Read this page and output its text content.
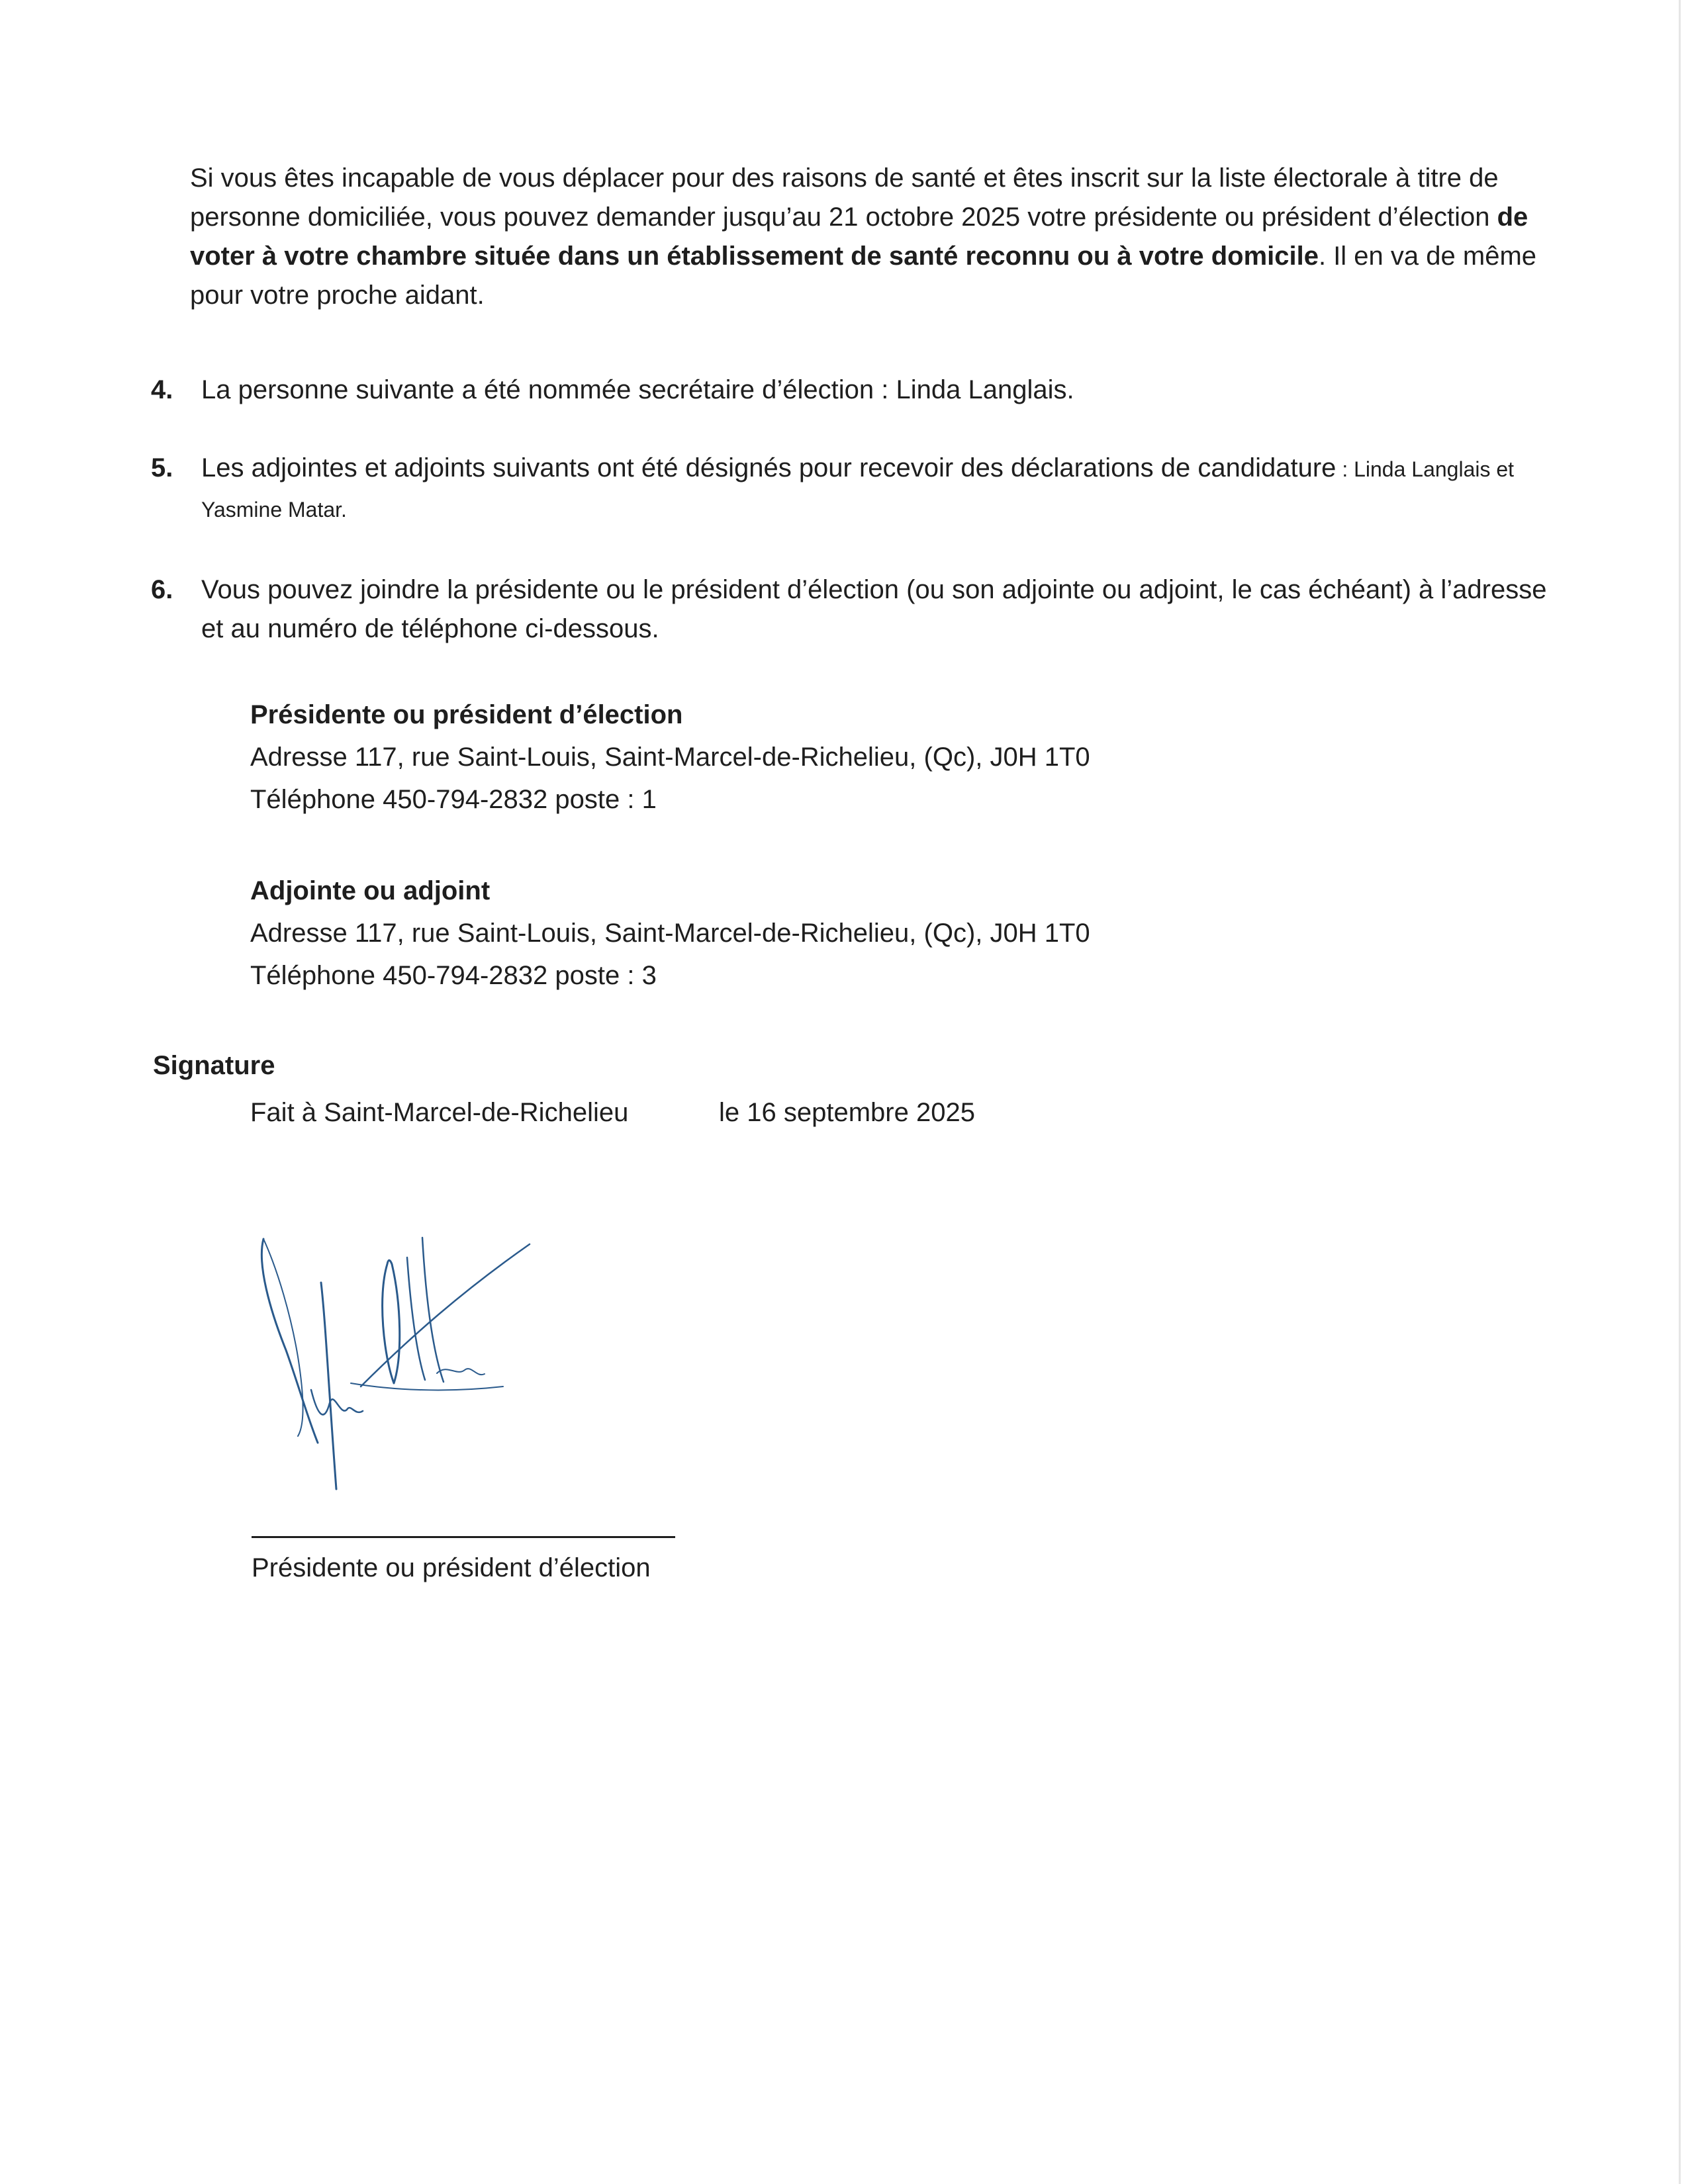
Si vous êtes incapable de vous déplacer pour des raisons de santé et êtes inscrit sur la liste électorale à titre de personne domiciliée, vous pouvez demander jusqu’au 21 octobre 2025 votre présidente ou président d’élection de voter à votre chambre située dans un établissement de santé reconnu ou à votre domicile. Il en va de même pour votre proche aidant.
4.	La personne suivante a été nommée secrétaire d’élection : Linda Langlais.
5.	Les adjointes et adjoints suivants ont été désignés pour recevoir des déclarations de candidature : Linda Langlais et Yasmine Matar.
6.	Vous pouvez joindre la présidente ou le président d’élection (ou son adjointe ou adjoint, le cas échéant) à l’adresse et au numéro de téléphone ci-dessous.
Présidente ou président d’élection
Adresse 117, rue Saint-Louis, Saint-Marcel-de-Richelieu, (Qc), J0H 1T0
Téléphone 450-794-2832 poste : 1
Adjointe ou adjoint
Adresse 117, rue Saint-Louis, Saint-Marcel-de-Richelieu, (Qc), J0H 1T0
Téléphone 450-794-2832 poste : 3
Signature
Fait à Saint-Marcel-de-Richelieu	le 16 septembre 2025
Présidente ou président d’élection
